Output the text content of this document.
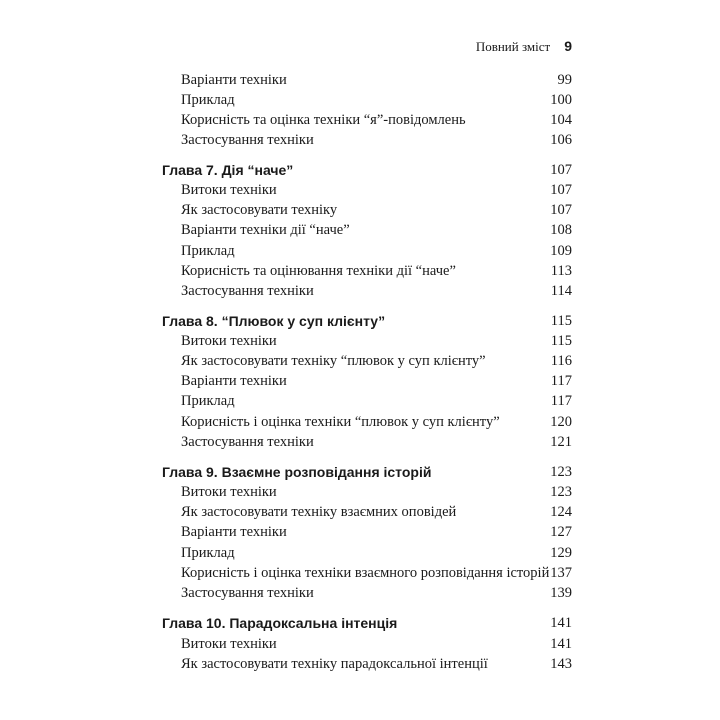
Повний зміст 9
Варіанти техніки	99
Приклад	100
Корисність та оцінка техніки “я”-повідомлень	104
Застосування техніки	106
Глава 7. Дія “наче”	107
Витоки техніки	107
Як застосовувати техніку	107
Варіанти техніки дії “наче”	108
Приклад	109
Корисність та оцінювання техніки дії “наче”	113
Застосування техніки	114
Глава 8. “Плювок у суп клієнту”	115
Витоки техніки	115
Як застосовувати техніку “плювок у суп клієнту”	116
Варіанти техніки	117
Приклад	117
Корисність і оцінка техніки “плювок у суп клієнту”	120
Застосування техніки	121
Глава 9. Взаємне розповідання історій	123
Витоки техніки	123
Як застосовувати техніку взаємних оповідей	124
Варіанти техніки	127
Приклад	129
Корисність і оцінка техніки взаємного розповідання історій 137
Застосування техніки	139
Глава 10. Парадоксальна інтенція	141
Витоки техніки	141
Як застосовувати техніку парадоксальної інтенції	143
